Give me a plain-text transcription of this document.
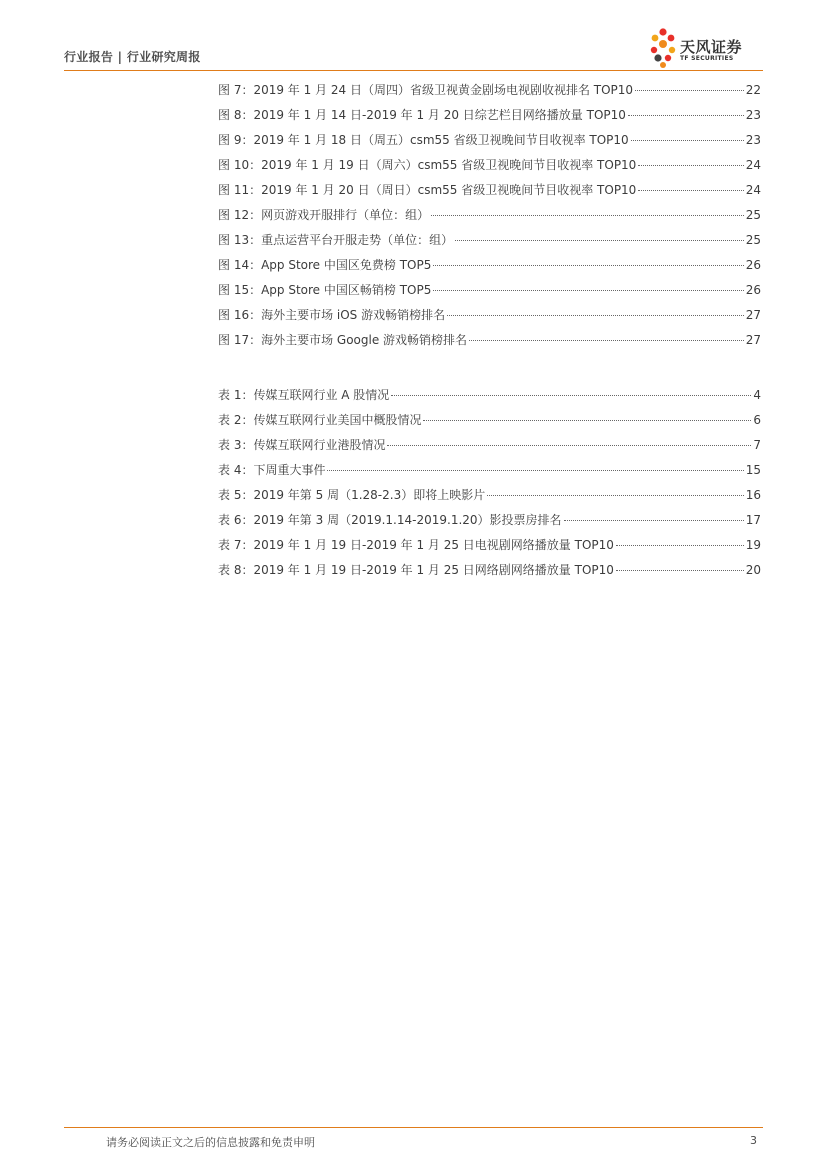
行业报告 | 行业研究周报
天风证券
TF SECURITIES
图 7：2019 年 1 月 24 日（周四）省级卫视黄金剧场电视剧收视排名 TOP10	22
图 8：2019 年 1 月 14 日-2019 年 1 月 20 日综艺栏目网络播放量 TOP10	23
图 9：2019 年 1 月 18 日（周五）csm55 省级卫视晚间节目收视率 TOP10	23
图 10：2019 年 1 月 19 日（周六）csm55 省级卫视晚间节目收视率 TOP10	24
图 11：2019 年 1 月 20 日（周日）csm55 省级卫视晚间节目收视率 TOP10	24
图 12：网页游戏开服排行（单位：组）	25
图 13：重点运营平台开服走势（单位：组）	25
图 14：App Store 中国区免费榜 TOP5	26
图 15：App Store 中国区畅销榜 TOP5	26
图 16：海外主要市场 iOS 游戏畅销榜排名	27
图 17：海外主要市场 Google 游戏畅销榜排名	27
表 1：传媒互联网行业 A 股情况	4
表 2：传媒互联网行业美国中概股情况	6
表 3：传媒互联网行业港股情况	7
表 4：下周重大事件	15
表 5：2019 年第 5 周（1.28-2.3）即将上映影片	16
表 6：2019 年第 3 周（2019.1.14-2019.1.20）影投票房排名	17
表 7：2019 年 1 月 19 日-2019 年 1 月 25 日电视剧网络播放量 TOP10	19
表 8：2019 年 1 月 19 日-2019 年 1 月 25 日网络剧网络播放量 TOP10	20
请务必阅读正文之后的信息披露和免责申明	3
